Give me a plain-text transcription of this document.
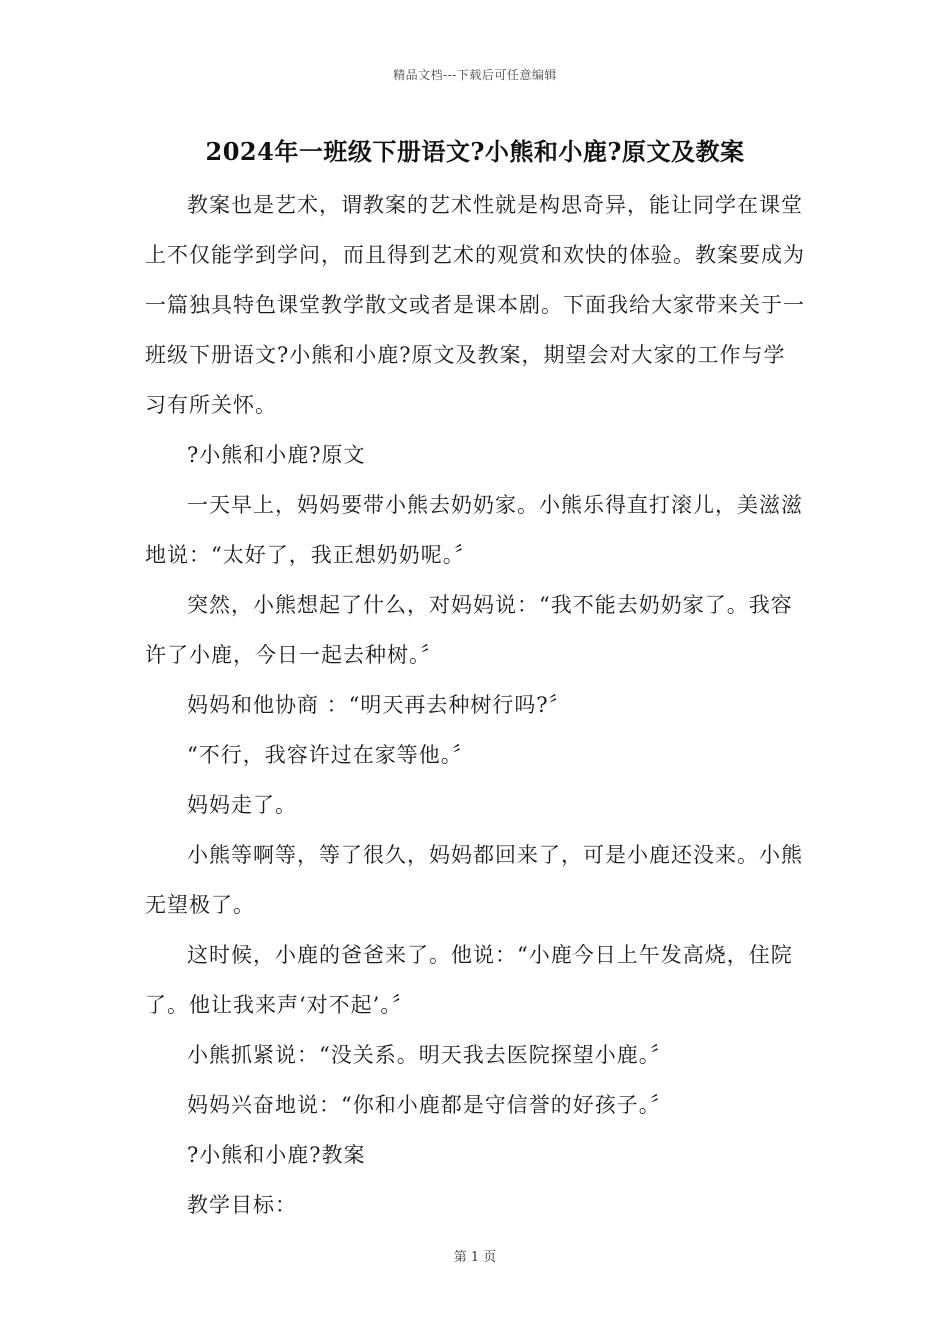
精品文档---下载后可任意编辑
2024年一班级下册语文?小熊和小鹿?原文及教案

教案也是艺术，谓教案的艺术性就是构思奇异，能让同学在课堂上不仅能学到学问，而且得到艺术的观赏和欢快的体验。教案要成为一篇独具特色课堂教学散文或者是课本剧。下面我给大家带来关于一班级下册语文?小熊和小鹿?原文及教案，期望会对大家的工作与学习有所关怀。

?小熊和小鹿?原文

一天早上，妈妈要带小熊去奶奶家。小熊乐得直打滚儿，美滋滋地说：“太好了，我正想奶奶呢。〞

突然，小熊想起了什么，对妈妈说：“我不能去奶奶家了。我容许了小鹿，今日一起去种树。〞

妈妈和他协商 ：“明天再去种树行吗?〞

“不行，我容许过在家等他。〞

妈妈走了。

小熊等啊等，等了很久，妈妈都回来了，可是小鹿还没来。小熊无望极了。

这时候，小鹿的爸爸来了。他说：“小鹿今日上午发高烧，住院了。他让我来声‘对不起’。〞

小熊抓紧说：“没关系。明天我去医院探望小鹿。〞

妈妈兴奋地说：“你和小鹿都是守信誉的好孩子。〞

?小熊和小鹿?教案

教学目标：

第 1 页
